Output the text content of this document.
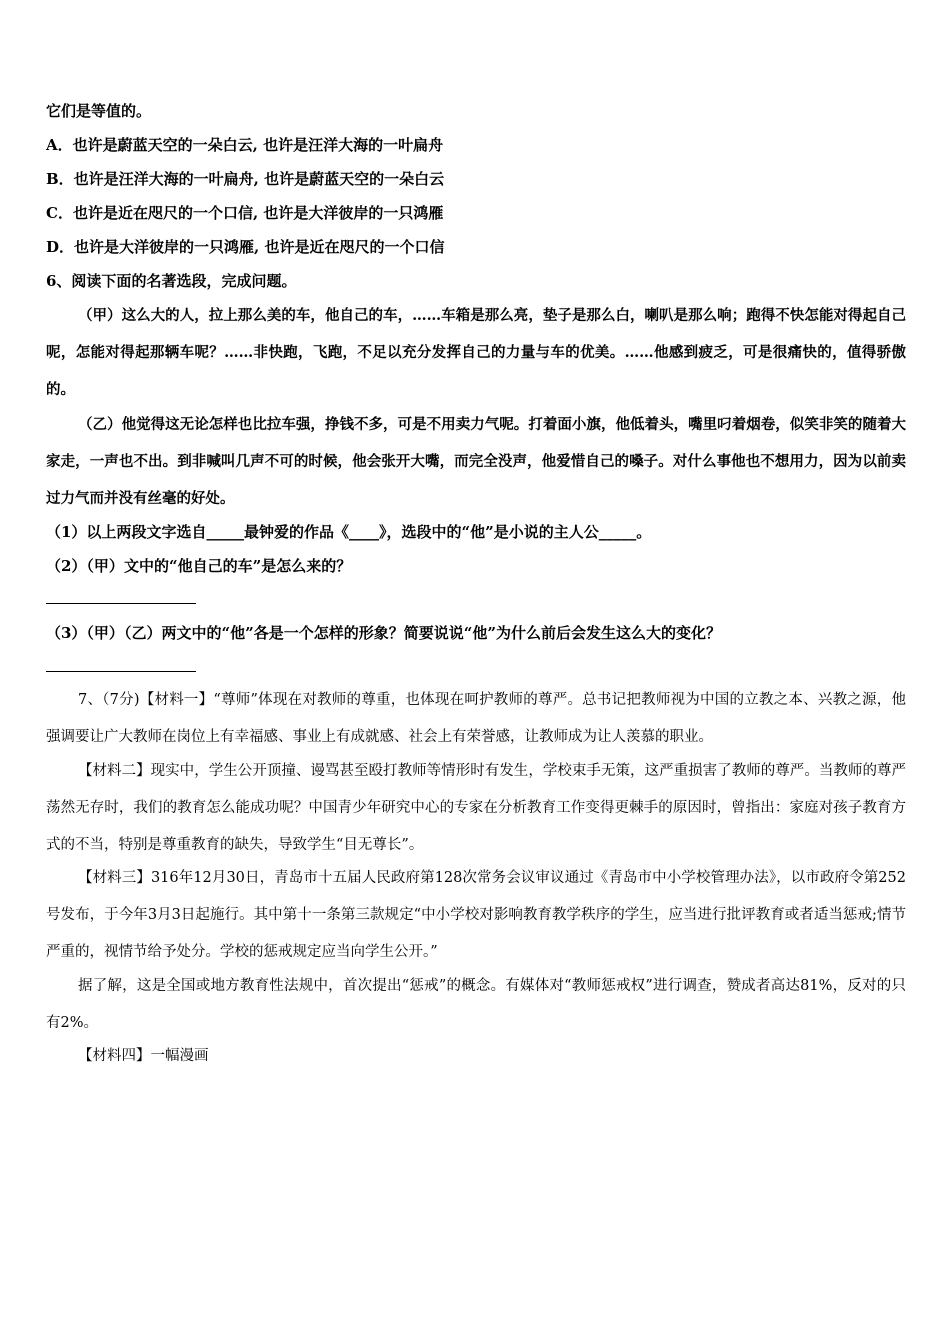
它们是等值的。
A．也许是蔚蓝天空的一朵白云, 也许是汪洋大海的一叶扁舟
B．也许是汪洋大海的一叶扁舟, 也许是蔚蓝天空的一朵白云
C．也许是近在咫尺的一个口信, 也许是大洋彼岸的一只鸿雁
D．也许是大洋彼岸的一只鸿雁, 也许是近在咫尺的一个口信
6、阅读下面的名著选段，完成问题。
（甲）这么大的人，拉上那么美的车，他自己的车，……车箱是那么亮，垫子是那么白，喇叭是那么响；跑得不快怎能对得起自己呢，怎能对得起那辆车呢？……非快跑，飞跑，不足以充分发挥自己的力量与车的优美。……他感到疲乏，可是很痛快的，值得骄傲的。
（乙）他觉得这无论怎样也比拉车强，挣钱不多，可是不用卖力气呢。打着面小旗，他低着头，嘴里叼着烟卷，似笑非笑的随着大家走，一声也不出。到非喊叫几声不可的时候，他会张开大嘴，而完全没声，他爱惜自己的嗓子。对什么事他也不想用力，因为以前卖过力气而并没有丝毫的好处。
（1）以上两段文字选自_____最钟爱的作品《____》，选段中的“他”是小说的主人公_____。
（2）（甲）文中的“他自己的车”是怎么来的？
（3）（甲）（乙）两文中的“他”各是一个怎样的形象？简要说说“他”为什么前后会发生这么大的变化？
7、（7分)【材料一】“尊师”体现在对教师的尊重，也体现在呵护教师的尊严。总书记把教师视为中国的立教之本、兴教之源，他强调要让广大教师在岗位上有幸福感、事业上有成就感、社会上有荣誉感，让教师成为让人羡慕的职业。
【材料二】现实中，学生公开顶撞、谩骂甚至殴打教师等情形时有发生，学校束手无策，这严重损害了教师的尊严。当教师的尊严荡然无存时，我们的教育怎么能成功呢？中国青少年研究中心的专家在分析教育工作变得更棘手的原因时，曾指出：家庭对孩子教育方式的不当，特别是尊重教育的缺失，导致学生“目无尊长”。
【材料三】316年12月30日，青岛市十五届人民政府第128次常务会议审议通过《青岛市中小学校管理办法》，以市政府令第252号发布，于今年3月3日起施行。其中第十一条第三款规定“中小学校对影响教育教学秩序的学生，应当进行批评教育或者适当惩戒;情节严重的，视情节给予处分。学校的惩戒规定应当向学生公开。”
据了解，这是全国或地方教育性法规中，首次提出“惩戒”的概念。有媒体对“教师惩戒权”进行调查，赞成者高达81%，反对的只有2%。
【材料四】一幅漫画
